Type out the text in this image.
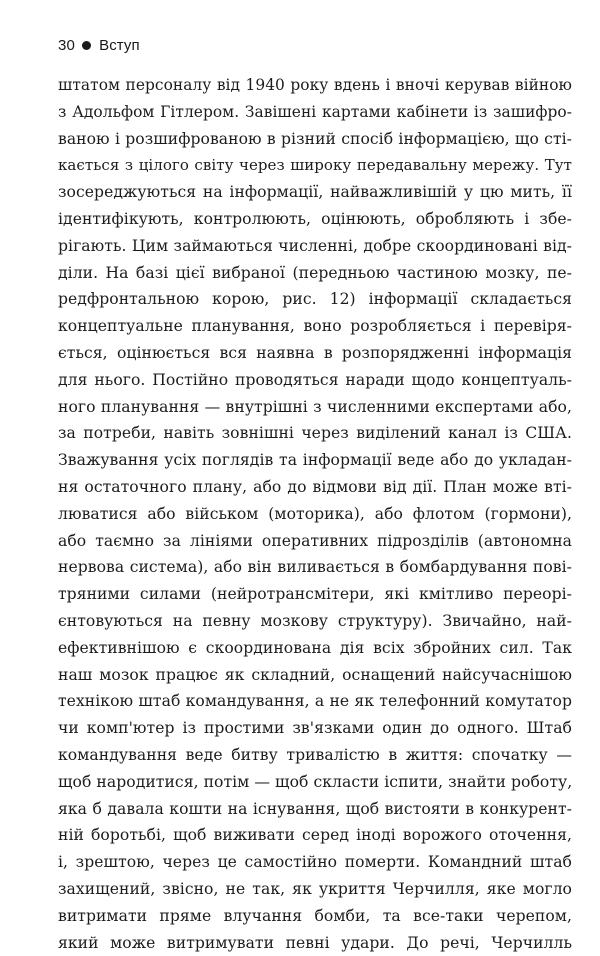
30 Вступ
штатом персоналу від 1940 року вдень і вночі керував війною
з Адольфом Гітлером. Завішені картами кабінети із зашифро-
ваною і розшифрованою в різний спосіб інформацією, що сті-
кається з цілого світу через широку передавальну мережу. Тут
зосереджуються на інформації, найважливішій у цю мить, її
ідентифікують, контролюють, оцінюють, обробляють і збе-
рігають. Цим займаються численні, добре скоординовані від-
діли. На базі цієї вибраної (передньою частиною мозку, пе-
редфронтальною корою, рис. 12) інформації складається
концептуальне планування, воно розробляється і перевіря-
ється, оцінюється вся наявна в розпорядженні інформація
для нього. Постійно проводяться наради щодо концептуаль-
ного планування — внутрішні з численними експертами або,
за потреби, навіть зовнішні через виділений канал із США.
Зважування усіх поглядів та інформації веде або до укладан-
ня остаточного плану, або до відмови від дії. План може вті-
люватися або військом (моторика), або флотом (гормони),
або таємно за лініями оперативних підрозділів (автономна
нервова система), або він виливається в бомбардування пові-
тряними силами (нейротрансмітери, які кмітливо переорі-
єнтовуються на певну мозкову структуру). Звичайно, най-
ефективнішою є скоординована дія всіх збройних сил. Так
наш мозок працює як складний, оснащений найсучаснішою
технікою штаб командування, а не як телефонний комутатор
чи комп'ютер із простими зв'язками один до одного. Штаб
командування веде битву тривалістю в життя: спочатку —
щоб народитися, потім — щоб скласти іспити, знайти роботу,
яка б давала кошти на існування, щоб вистояти в конкурент-
ній боротьбі, щоб виживати серед іноді ворожого оточення,
і, зрештою, через це самостійно померти. Командний штаб
захищений, звісно, не так, як укриття Черчилля, яке могло
витримати пряме влучання бомби, та все-таки черепом,
який може витримувати певні удари. До речі, Черчилль
